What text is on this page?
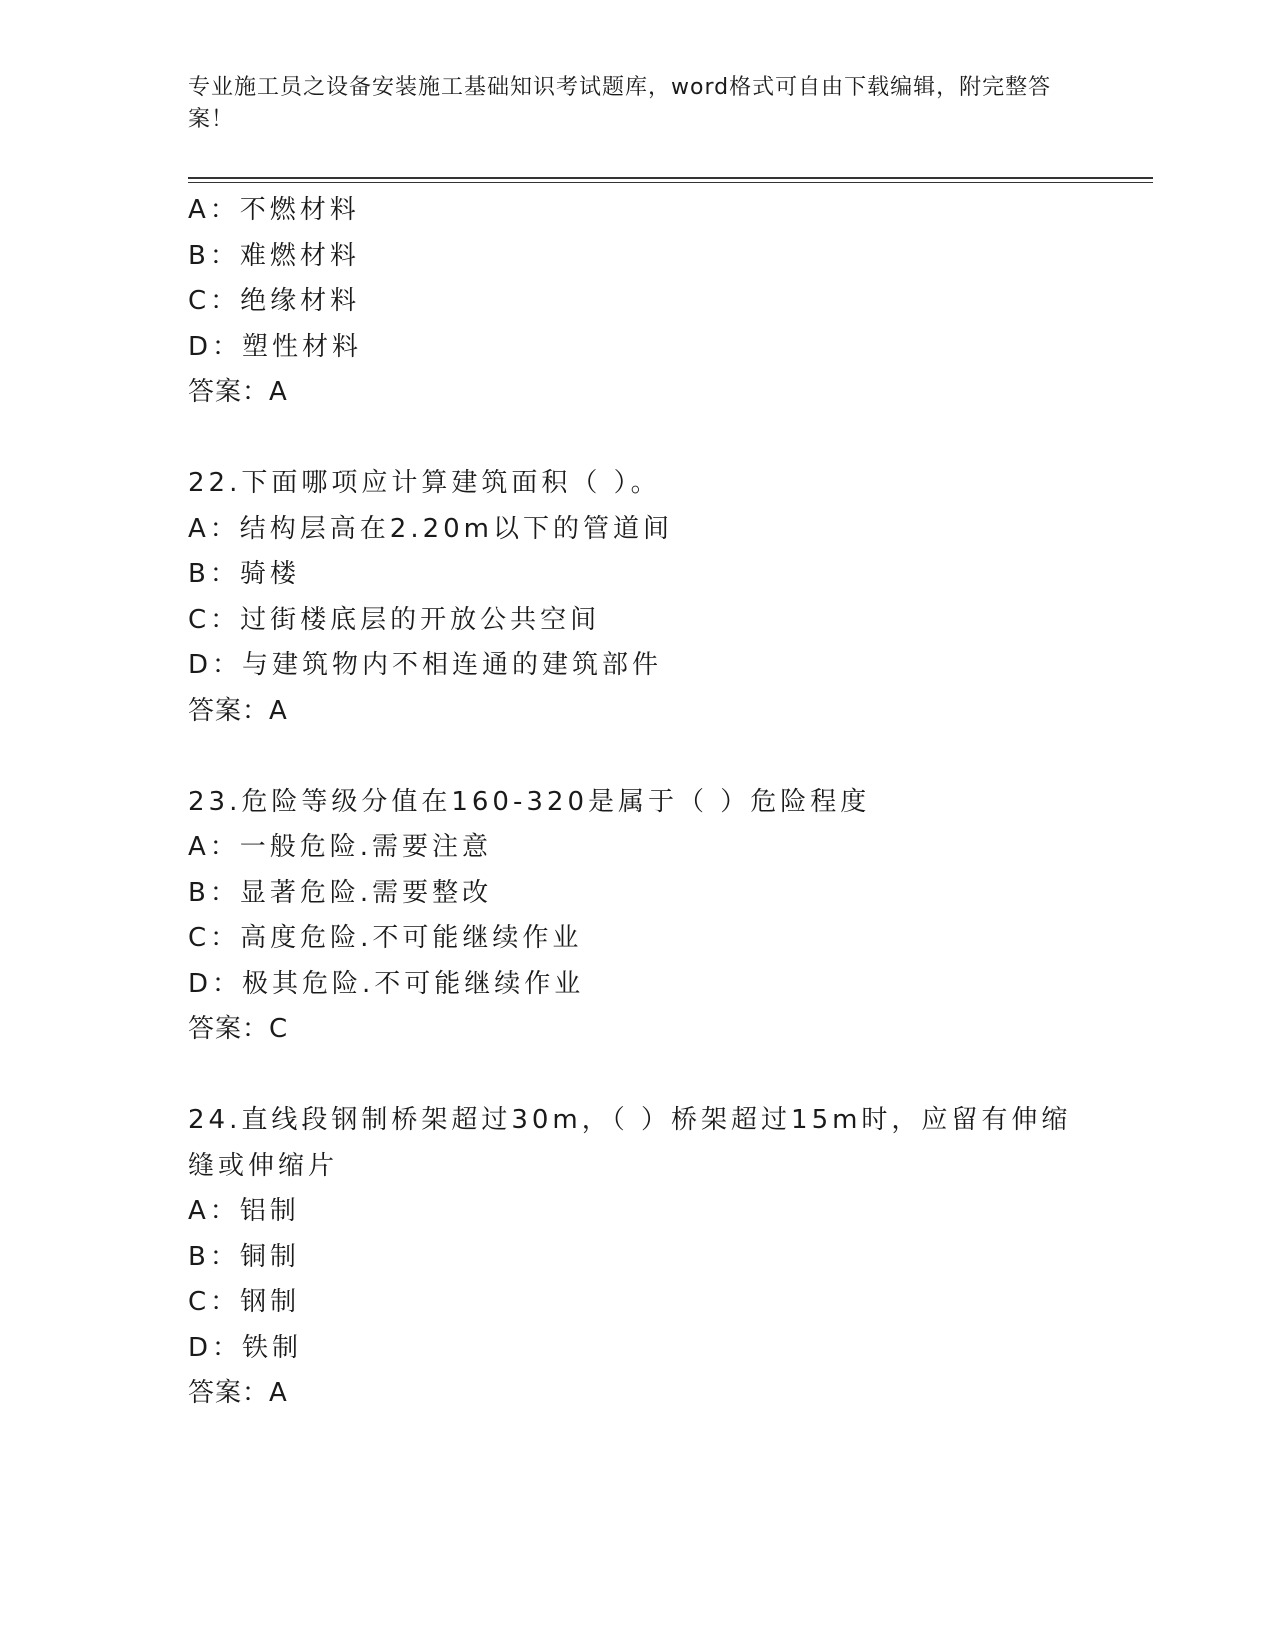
专业施工员之设备安装施工基础知识考试题库，word格式可自由下载编辑，附完整答案！
A：不燃材料
B：难燃材料
C：绝缘材料
D：塑性材料
答案：A
22.下面哪项应计算建筑面积（ ）。
A：结构层高在2.20m以下的管道间
B：骑楼
C：过街楼底层的开放公共空间
D：与建筑物内不相连通的建筑部件
答案：A
23.危险等级分值在160-320是属于（ ）危险程度
A：一般危险.需要注意
B：显著危险.需要整改
C：高度危险.不可能继续作业
D：极其危险.不可能继续作业
答案：C
24.直线段钢制桥架超过30m，（ ）桥架超过15m时，应留有伸缩缝或伸缩片
A：铝制
B：铜制
C：钢制
D：铁制
答案：A
